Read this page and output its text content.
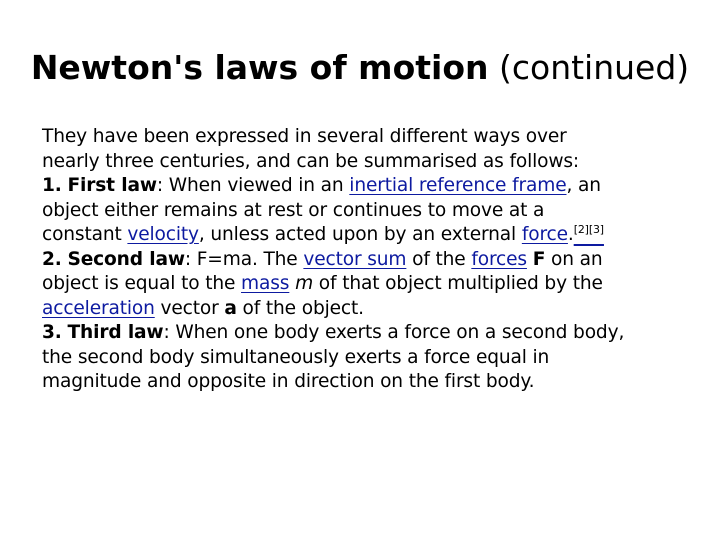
Newton's laws of motion (continued)
They have been expressed in several different ways over
nearly three centuries, and can be summarised as follows:
1. First law: When viewed in an inertial reference frame, an
object either remains at rest or continues to move at a
constant velocity, unless acted upon by an external force.[2][3]
2. Second law: F=ma. The vector sum of the forces F on an
object is equal to the mass m of that object multiplied by the
acceleration vector a of the object.
3. Third law: When one body exerts a force on a second body,
the second body simultaneously exerts a force equal in
magnitude and opposite in direction on the first body.
